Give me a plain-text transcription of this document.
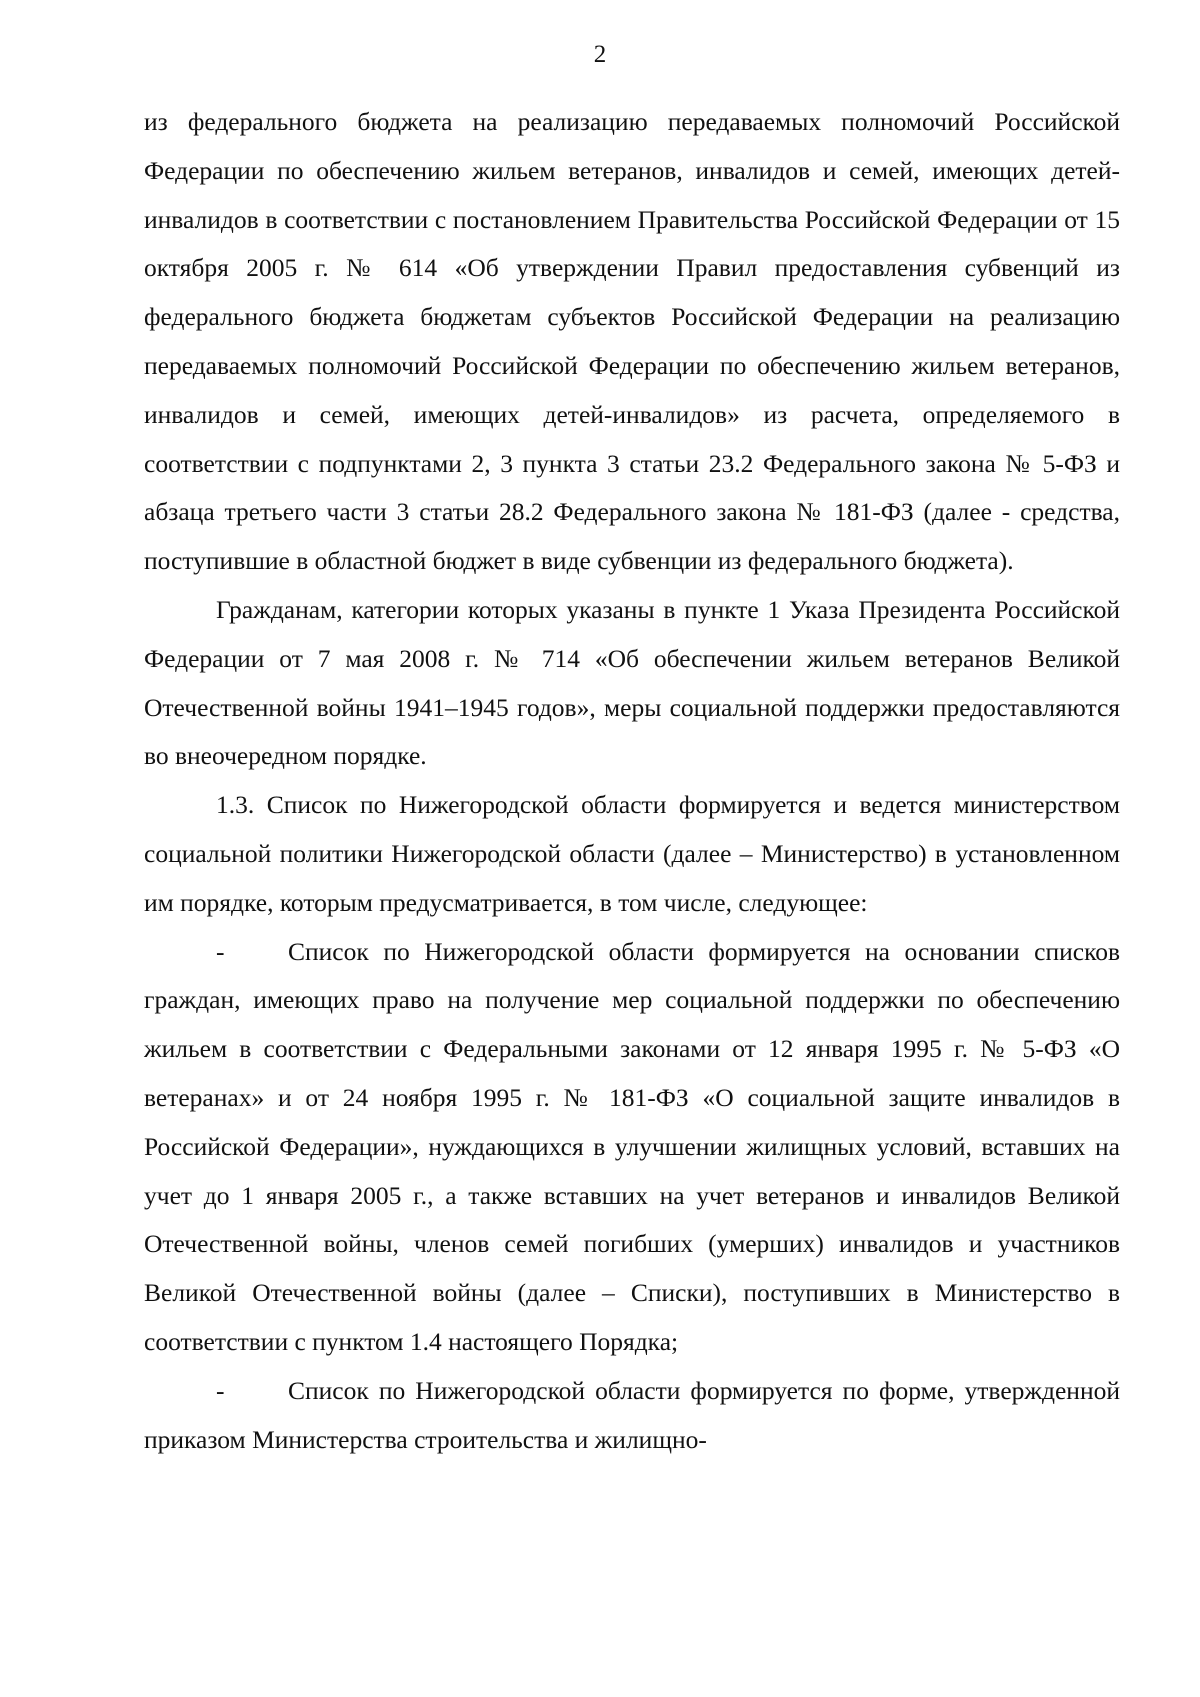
2

из федерального бюджета на реализацию передаваемых полномочий Российской Федерации по обеспечению жильем ветеранов, инвалидов и семей, имеющих детей-инвалидов в соответствии с постановлением Правительства Российской Федерации от 15 октября 2005 г. № 614 «Об утверждении Правил предоставления субвенций из федерального бюджета бюджетам субъектов Российской Федерации на реализацию передаваемых полномочий Российской Федерации по обеспечению жильем ветеранов, инвалидов и семей, имеющих детей-инвалидов» из расчета, определяемого в соответствии с подпунктами 2, 3 пункта 3 статьи 23.2 Федерального закона № 5-ФЗ и абзаца третьего части 3 статьи 28.2 Федерального закона № 181-ФЗ (далее - средства, поступившие в областной бюджет в виде субвенции из федерального бюджета).

Гражданам, категории которых указаны в пункте 1 Указа Президента Российской Федерации от 7 мая 2008 г. № 714 «Об обеспечении жильем ветеранов Великой Отечественной войны 1941–1945 годов», меры социальной поддержки предоставляются во внеочередном порядке.

1.3. Список по Нижегородской области формируется и ведется министерством социальной политики Нижегородской области (далее – Министерство) в установленном им порядке, которым предусматривается, в том числе, следующее:

- Список по Нижегородской области формируется на основании списков граждан, имеющих право на получение мер социальной поддержки по обеспечению жильем в соответствии с Федеральными законами от 12 января 1995 г. № 5-ФЗ «О ветеранах» и от 24 ноября 1995 г. № 181-ФЗ «О социальной защите инвалидов в Российской Федерации», нуждающихся в улучшении жилищных условий, вставших на учет до 1 января 2005 г., а также вставших на учет ветеранов и инвалидов Великой Отечественной войны, членов семей погибших (умерших) инвалидов и участников Великой Отечественной войны (далее – Списки), поступивших в Министерство в соответствии с пунктом 1.4 настоящего Порядка;

- Список по Нижегородской области формируется по форме, утвержденной приказом Министерства строительства и жилищно-
